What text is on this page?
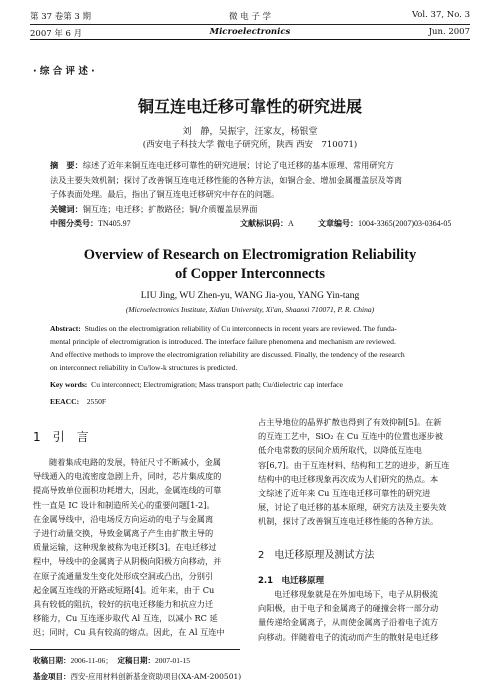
第 37 卷第 3 期
2007 年 6 月
微 电 子 学
Microelectronics
Vol. 37, No. 3
Jun. 2007
· 综 合 评 述 ·
铜互连电迁移可靠性的研究进展
刘　静，吴振宇，汪家友，杨银堂
(西安电子科技大学 微电子研究所，陕西 西安　710071)
摘　要：综述了近年来铜互连电迁移可靠性的研究进展；讨论了电迁移的基本原理、常用研究方
法及主要失效机制；探讨了改善铜互连电迁移性能的各种方法，如铜合金、增加金属覆盖层及等离
子体表面处理。最后，指出了铜互连电迁移研究中存在的问题。
关键词：铜互连；电迁移；扩散路径；铜/介质覆盖层界面
中图分类号：TN405.97	文献标识码：A	文章编号：1004-3365(2007)03-0364-05
Overview of Research on Electromigration Reliability
of Copper Interconnects
LIU Jing, WU Zhen-yu, WANG Jia-you, YANG Yin-tang
(Microelectronics Institute, Xidian University, Xi'an, Shaanxi 710071, P. R. China)
Abstract: Studies on the electromigration reliability of Cu interconnects in recent years are reviewed. The funda-
mental principle of electromigration is introduced. The interface failure phenomena and mechanism are reviewed.
And effective methods to improve the electromigration reliability are discussed. Finally, the tendency of the research
on interconnect reliability in Cu/low-k structures is predicted.
Key words: Cu interconnect; Electromigration; Mass transport path; Cu/dielectric cap interface
EEACC: 2550F
1　引　言
随着集成电路的发展，特征尺寸不断减小，金属
导线通入的电流密度急剧上升，同时，芯片集成度的
提高导致单位面积功耗增大，因此，金属连线的可靠
性一直是 IC 设计和制造所关心的重要问题[1-2]。
在金属导线中，沿电场反方向运动的电子与金属离
子进行动量交换，导致金属离子产生由扩散主导的
质量运输，这种现象被称为电迁移[3]。在电迁移过
程中，导线中的金属离子从阴极向阳极方向移动，并
在原子流通量发生变化处形成空洞或凸出，分别引
起金属互连线的开路或短路[4]。近年来，由于 Cu
具有较低的阻抗，较好的抗电迁移能力和抗应力迁
移能力，Cu 互连逐步取代 Al 互连，以减小 RC 延
迟；同时，Cu 具有较高的熔点。因此，在 Al 互连中
占主导地位的晶界扩散也得到了有效抑制[5]。在新
的互连工艺中，SiO₂ 在 Cu 互连中的位置也逐步被
低介电常数的层间介质所取代，以降低互连电
容[6,7]。由于互连材料、结构和工艺的进步，新互连
结构中的电迁移现象再次成为人们研究的热点。本
文综述了近年来 Cu 互连电迁移可靠性的研究进
展，讨论了电迁移的基本原理，研究方法及主要失效
机制，探讨了改善铜互连电迁移性能的各种方法。
2　电迁移原理及测试方法
2.1　电迁移原理
电迁移现象就是在外加电场下，电子从阴极流
向阳极，由于电子和金属离子的碰撞会将一部分动
量传递给金属离子，从而使金属离子沿着电子流方
向移动。伴随着电子的流动而产生的散射是电迁移
收稿日期：2006-11-06； 定稿日期：2007-01-15
基金项目：西安-应用材料创新基金资助项目(XA-AM-200501)
